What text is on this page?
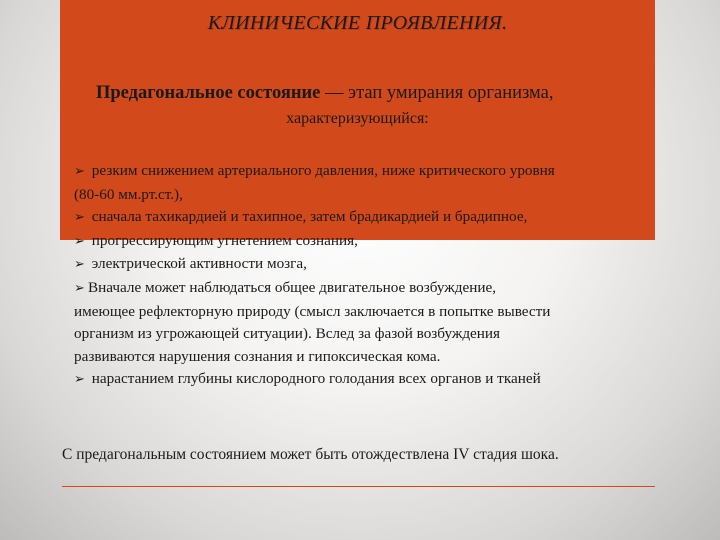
КЛИНИЧЕСКИЕ ПРОЯВЛЕНИЯ.
Предагональное состояние — этап умирания организма,
характеризующийся:
➢ резким снижением артериального давления, ниже критического уровня
(80-60 мм.рт.ст.),
➢ сначала тахикардией и тахипное, затем брадикардией и брадипное,
➢ прогрессирующим угнетением сознания,
➢ электрической активности мозга,
➢ Вначале может наблюдаться общее двигательное возбуждение,
имеющее рефлекторную природу (смысл заключается в попытке вывести
организм из угрожающей ситуации). Вслед за фазой возбуждения
развиваются нарушения сознания и гипоксическая кома.
➢ нарастанием глубины кислородного голодания всех органов и тканей
С предагональным состоянием может быть отождествлена IV стадия шока.
